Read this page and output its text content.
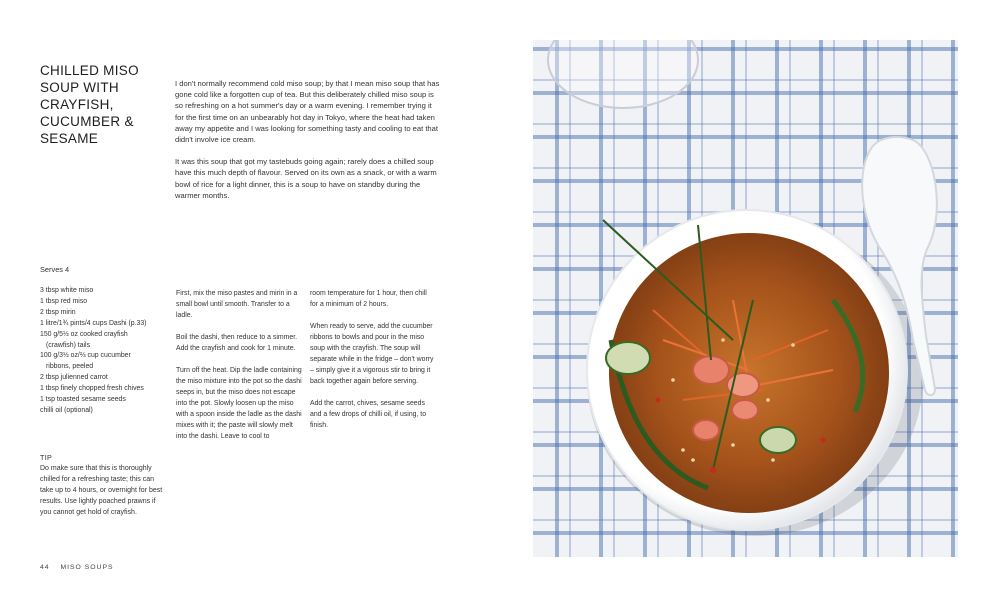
CHILLED MISO
SOUP WITH
CRAYFISH,
CUCUMBER &
SESAME

I don't normally recommend cold miso soup; by that I mean miso soup that has gone cold like a forgotten cup of tea. But this deliberately chilled miso soup is so refreshing on a hot summer's day or a warm evening. I remember trying it for the first time on an unbearably hot day in Tokyo, where the heat had taken away my appetite and I was looking for something tasty and cooling to eat that didn't involve ice cream.

It was this soup that got my tastebuds going again; rarely does a chilled soup have this much depth of flavour. Served on its own as a snack, or with a warm bowl of rice for a light dinner, this is a soup to have on standby during the warmer months.

Serves 4
3 tbsp white miso
1 tbsp red miso
2 tbsp mirin
1 litre/1¾ pints/4 cups Dashi (p.33)
150 g/5½ oz cooked crayfish
(crawfish) tails
100 g/3½ oz/⅔ cup cucumber
ribbons, peeled
2 tbsp julienned carrot
1 tbsp finely chopped fresh chives
1 tsp toasted sesame seeds
chilli oil (optional)
TIP
Do make sure that this is thoroughly chilled for a refreshing taste; this can take up to 4 hours, or overnight for best results. Use lightly poached prawns if you cannot get hold of crayfish.

First, mix the miso pastes and mirin in a small bowl until smooth. Transfer to a ladle.

Boil the dashi, then reduce to a simmer. Add the crayfish and cook for 1 minute.

Turn off the heat. Dip the ladle containing the miso mixture into the pot so the dashi seeps in, but the miso does not escape into the pot. Slowly loosen up the miso with a spoon inside the ladle as the dashi mixes with it; the paste will slowly melt into the dashi. Leave to cool to

room temperature for 1 hour, then chill for a minimum of 2 hours.

When ready to serve, add the cucumber ribbons to bowls and pour in the miso soup with the crayfish. The soup will separate while in the fridge – don't worry – simply give it a vigorous stir to bring it back together again before serving.

Add the carrot, chives, sesame seeds and a few drops of chilli oil, if using, to finish.

44 MISO SOUPS
